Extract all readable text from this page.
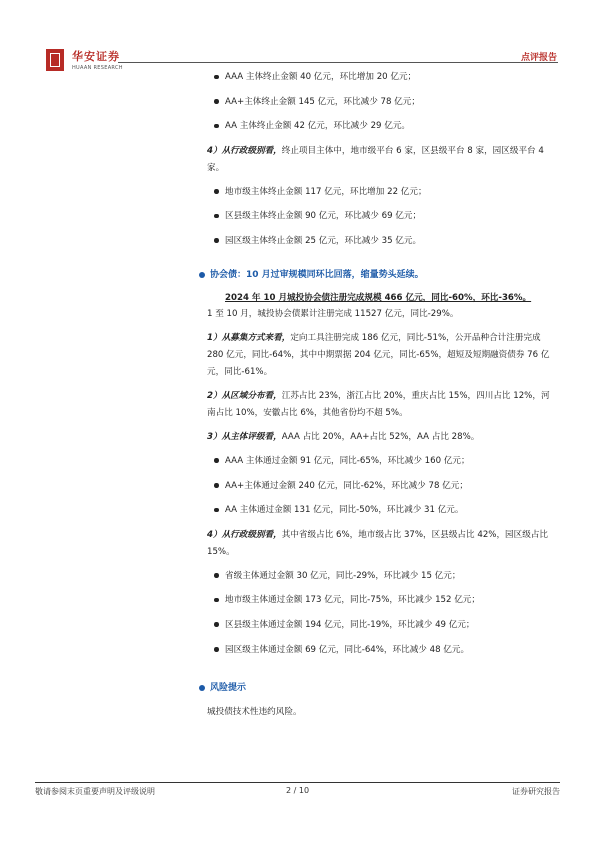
华安证券
HUAAN RESEARCH
点评报告
AAA 主体终止金额 40 亿元，环比增加 20 亿元；
AA+主体终止金额 145 亿元，环比减少 78 亿元；
AA 主体终止金额 42 亿元，环比减少 29 亿元。
4）从行政级别看，终止项目主体中，地市级平台 6 家，区县级平台 8 家，园区级平台 4 家。
地市级主体终止金额 117 亿元，环比增加 22 亿元；
区县级主体终止金额 90 亿元，环比减少 69 亿元；
园区级主体终止金额 25 亿元，环比减少 35 亿元。
协会债：10 月过审规模同环比回落，缩量势头延续。
2024 年 10 月城投协会债注册完成规模 466 亿元，同比-60%，环比-36%。
1 至 10 月，城投协会债累计注册完成 11527 亿元，同比-29%。
1）从募集方式来看，定向工具注册完成 186 亿元，同比-51%，公开品种合计注册完成 280 亿元，同比-64%，其中中期票据 204 亿元，同比-65%，超短及短期融资债券 76 亿元，同比-61%。
2）从区域分布看，江苏占比 23%，浙江占比 20%，重庆占比 15%，四川占比 12%，河南占比 10%，安徽占比 6%，其他省份均不超 5%。
3）从主体评级看，AAA 占比 20%，AA+占比 52%，AA 占比 28%。
AAA 主体通过金额 91 亿元，同比-65%，环比减少 160 亿元；
AA+主体通过金额 240 亿元，同比-62%，环比减少 78 亿元；
AA 主体通过金额 131 亿元，同比-50%，环比减少 31 亿元。
4）从行政级别看，其中省级占比 6%，地市级占比 37%，区县级占比 42%，园区级占比 15%。
省级主体通过金额 30 亿元，同比-29%，环比减少 15 亿元；
地市级主体通过金额 173 亿元，同比-75%，环比减少 152 亿元；
区县级主体通过金额 194 亿元，同比-19%，环比减少 49 亿元；
园区级主体通过金额 69 亿元，同比-64%，环比减少 48 亿元。
风险提示
城投债技术性违约风险。
敬请参阅末页重要声明及评级说明	2 / 10	证券研究报告
